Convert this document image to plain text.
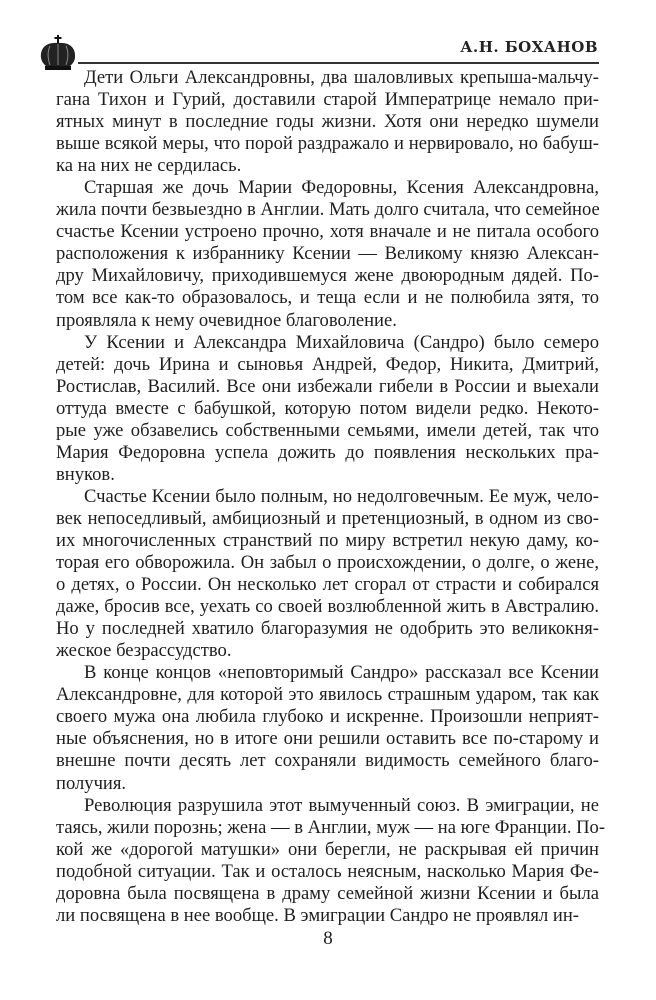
А.Н. БОХАНОВ
Дети Ольги Александровны, два шаловливых крепыша-мальчу-
гана Тихон и Гурий, доставили старой Императрице немало при-
ятных минут в последние годы жизни. Хотя они нередко шумели
выше всякой меры, что порой раздражало и нервировало, но бабуш-
ка на них не сердилась.
Старшая же дочь Марии Федоровны, Ксения Александровна,
жила почти безвыездно в Англии. Мать долго считала, что семейное
счастье Ксении устроено прочно, хотя вначале и не питала особого
расположения к избраннику Ксении — Великому князю Алексан-
дру Михайловичу, приходившемуся жене двоюродным дядей. По-
том все как-то образовалось, и теща если и не полюбила зятя, то
проявляла к нему очевидное благоволение.
У Ксении и Александра Михайловича (Сандро) было семеро
детей: дочь Ирина и сыновья Андрей, Федор, Никита, Дмитрий,
Ростислав, Василий. Все они избежали гибели в России и выехали
оттуда вместе с бабушкой, которую потом видели редко. Некото-
рые уже обзавелись собственными семьями, имели детей, так что
Мария Федоровна успела дожить до появления нескольких пра-
внуков.
Счастье Ксении было полным, но недолговечным. Ее муж, чело-
век непоседливый, амбициозный и претенциозный, в одном из сво-
их многочисленных странствий по миру встретил некую даму, ко-
торая его обворожила. Он забыл о происхождении, о долге, о жене,
о детях, о России. Он несколько лет сгорал от страсти и собирался
даже, бросив все, уехать со своей возлюбленной жить в Австралию.
Но у последней хватило благоразумия не одобрить это великокня-
жеское безрассудство.
В конце концов «неповторимый Сандро» рассказал все Ксении
Александровне, для которой это явилось страшным ударом, так как
своего мужа она любила глубоко и искренне. Произошли неприят-
ные объяснения, но в итоге они решили оставить все по-старому и
внешне почти десять лет сохраняли видимость семейного благо-
получия.
Революция разрушила этот вымученный союз. В эмиграции, не
таясь, жили порознь; жена — в Англии, муж — на юге Франции. По-
кой же «дорогой матушки» они берегли, не раскрывая ей причин
подобной ситуации. Так и осталось неясным, насколько Мария Фе-
доровна была посвящена в драму семейной жизни Ксении и была
ли посвящена в нее вообще. В эмиграции Сандро не проявлял ин-
8
